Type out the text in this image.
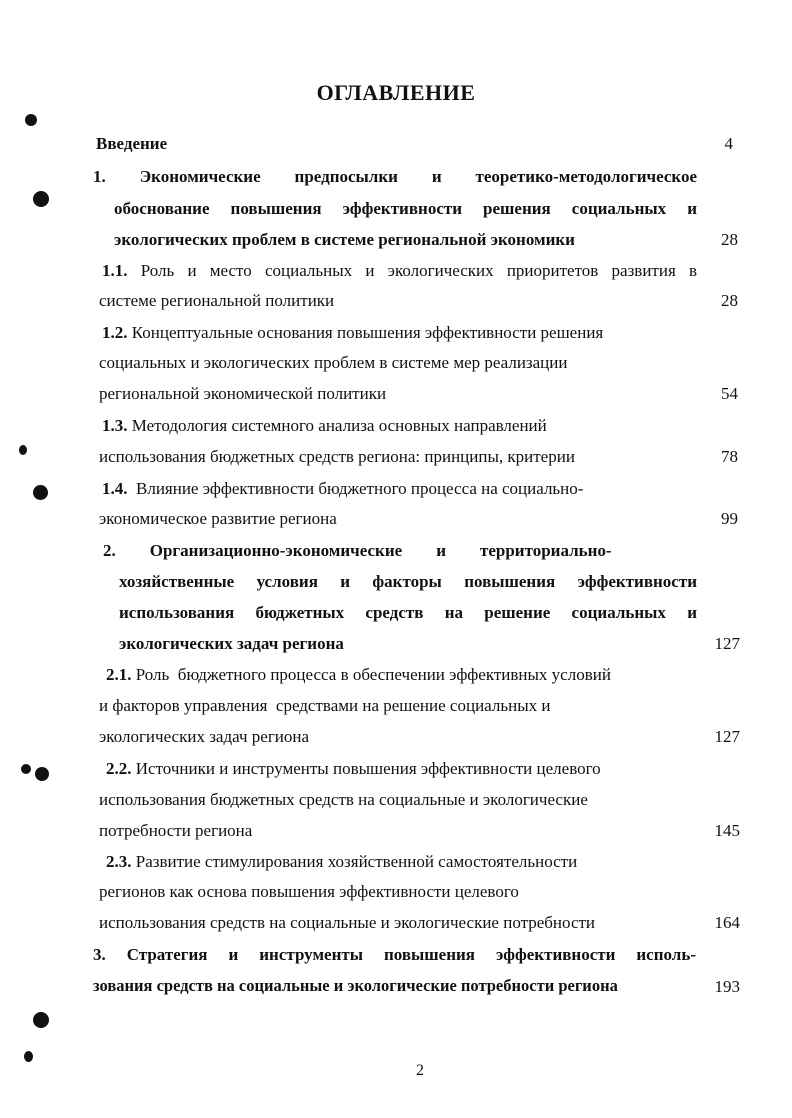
ОГЛАВЛЕНИЕ
Введение	4
1. Экономические предпосылки и теоретико-методологическое
обоснование повышения эффективности решения социальных и
экологических проблем в системе региональной экономики	28
1.1. Роль и место социальных и экологических приоритетов развития в
системе региональной политики	28
1.2. Концептуальные основания повышения эффективности решения
социальных и экологических проблем в системе мер реализации
региональной экономической политики	54
1.3. Методология системного анализа основных направлений
использования бюджетных средств региона: принципы, критерии	78
1.4.  Влияние эффективности бюджетного процесса на социально-
экономическое развитие региона	99
2.        Организационно-экономические        и        территориально-
хозяйственные условия и факторы повышения эффективности
использования бюджетных средств на решение социальных и
экологических задач региона	127
2.1. Роль  бюджетного процесса в обеспечении эффективных условий
и факторов управления  средствами на решение социальных и
экологических задач региона	127
2.2. Источники и инструменты повышения эффективности целевого
использования бюджетных средств на социальные и экологические
потребности региона	145
2.3. Развитие стимулирования хозяйственной самостоятельности
регионов как основа повышения эффективности целевого
использования средств на социальные и экологические потребности	164
3. Стратегия и инструменты повышения эффективности исполь-
зования средств на социальные и экологические потребности региона	193
2
